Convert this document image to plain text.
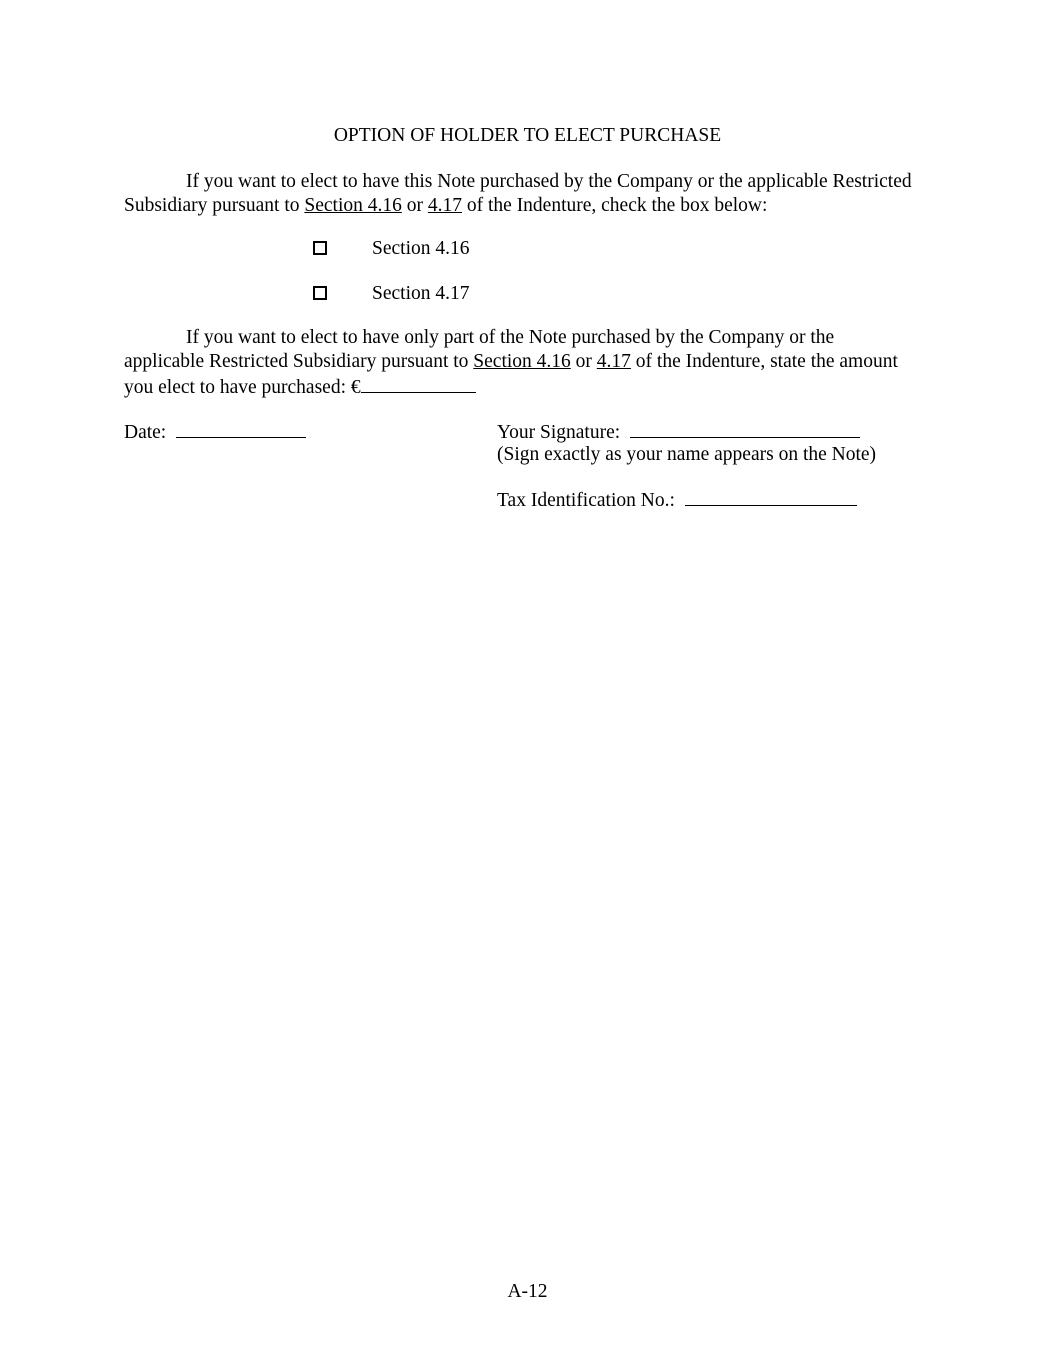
OPTION OF HOLDER TO ELECT PURCHASE
If you want to elect to have this Note purchased by the Company or the applicable Restricted Subsidiary pursuant to Section 4.16 or 4.17 of the Indenture, check the box below:
Section 4.16
Section 4.17
If you want to elect to have only part of the Note purchased by the Company or the applicable Restricted Subsidiary pursuant to Section 4.16 or 4.17 of the Indenture, state the amount you elect to have purchased: €
Date:	Your Signature:
(Sign exactly as your name appears on the Note)
Tax Identification No.:
A-12
